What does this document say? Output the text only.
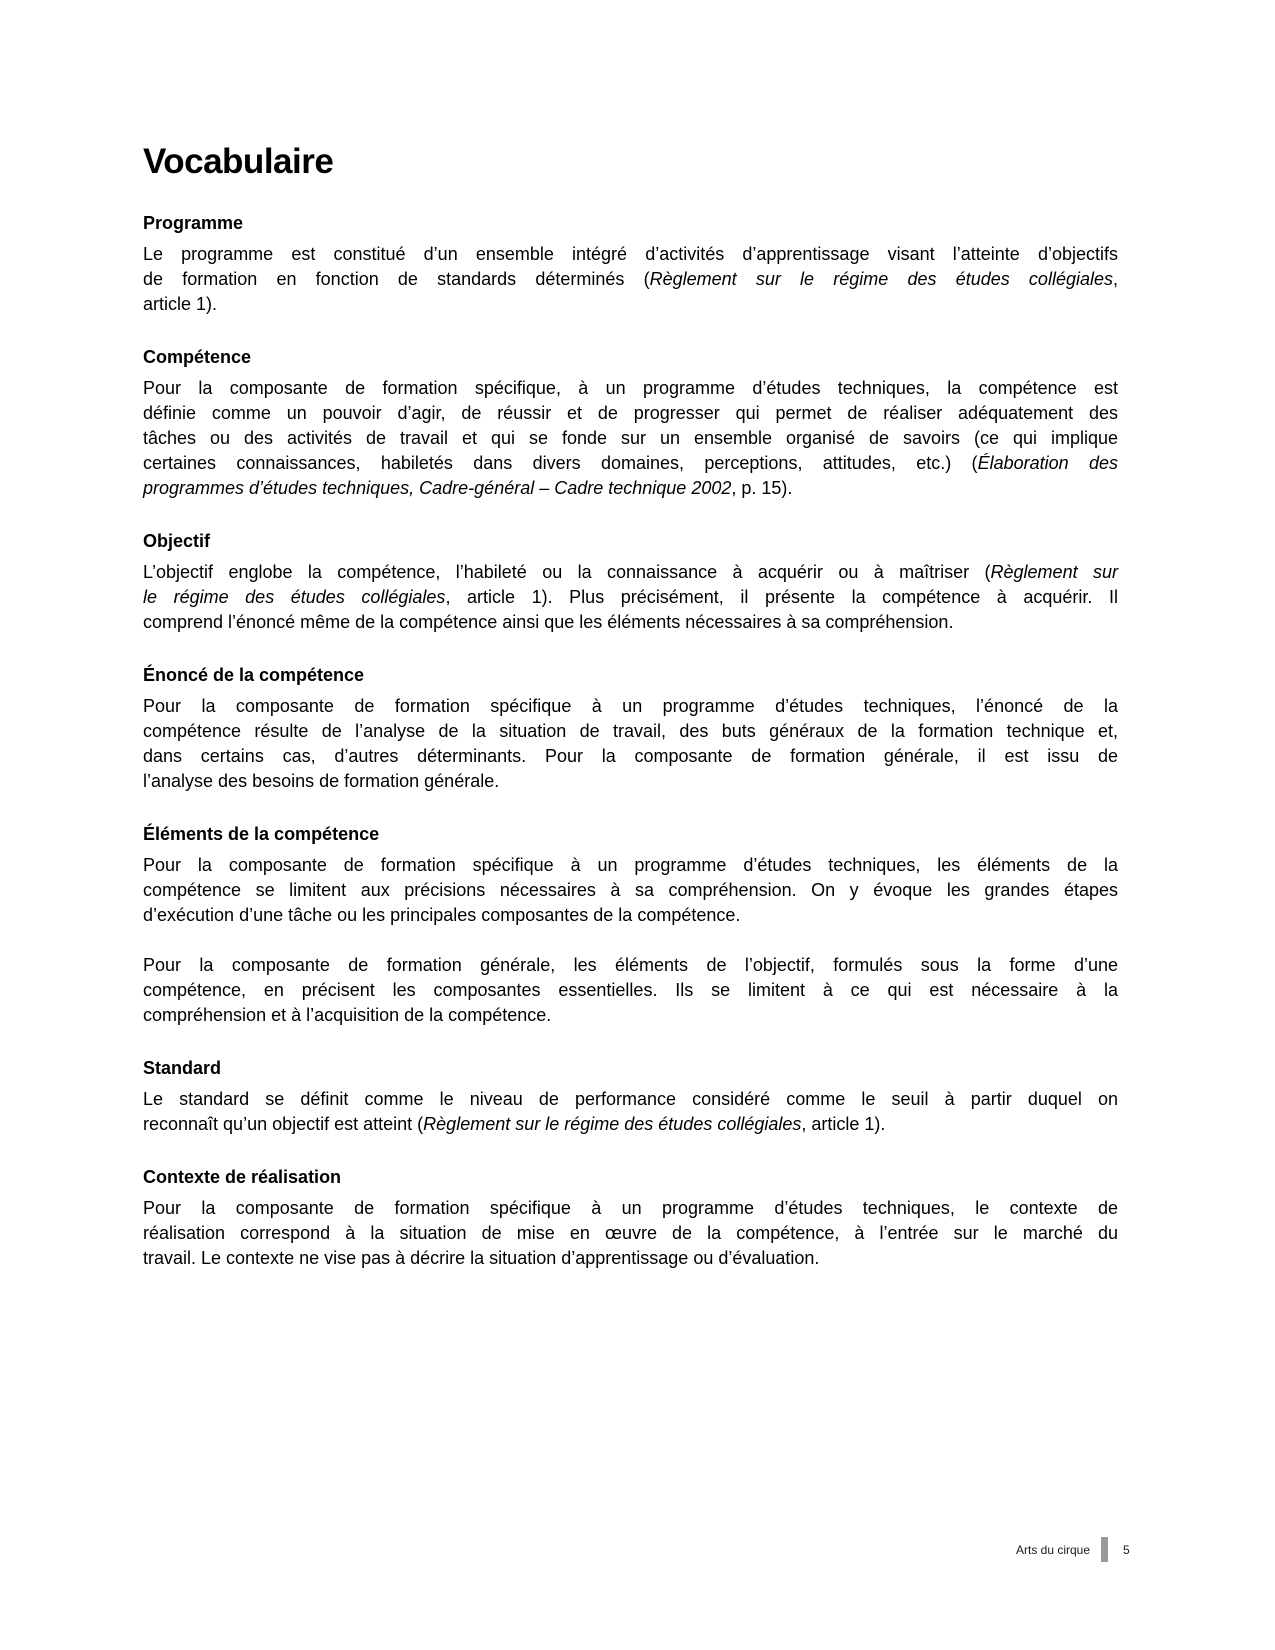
Vocabulaire
Programme
Le programme est constitué d’un ensemble intégré d’activités d’apprentissage visant l’atteinte d’objectifs
de formation en fonction de standards déterminés (Règlement sur le régime des études collégiales,
article 1).
Compétence
Pour la composante de formation spécifique, à un programme d’études techniques, la compétence est
définie comme un pouvoir d’agir, de réussir et de progresser qui permet de réaliser adéquatement des
tâches ou des activités de travail et qui se fonde sur un ensemble organisé de savoirs (ce qui implique
certaines connaissances, habiletés dans divers domaines, perceptions, attitudes, etc.) (Élaboration des
programmes d’études techniques, Cadre-général – Cadre technique 2002, p. 15).
Objectif
L’objectif englobe la compétence, l’habileté ou la connaissance à acquérir ou à maîtriser (Règlement sur
le régime des études collégiales, article 1). Plus précisément, il présente la compétence à acquérir. Il
comprend l’énoncé même de la compétence ainsi que les éléments nécessaires à sa compréhension.
Énoncé de la compétence
Pour la composante de formation spécifique à un programme d’études techniques, l’énoncé de la
compétence résulte de l’analyse de la situation de travail, des buts généraux de la formation technique et,
dans certains cas, d’autres déterminants. Pour la composante de formation générale, il est issu de
l’analyse des besoins de formation générale.
Éléments de la compétence
Pour la composante de formation spécifique à un programme d’études techniques, les éléments de la
compétence se limitent aux précisions nécessaires à sa compréhension. On y évoque les grandes étapes
d’exécution d’une tâche ou les principales composantes de la compétence.
Pour la composante de formation générale, les éléments de l’objectif, formulés sous la forme d’une
compétence, en précisent les composantes essentielles. Ils se limitent à ce qui est nécessaire à la
compréhension et à l’acquisition de la compétence.
Standard
Le standard se définit comme le niveau de performance considéré comme le seuil à partir duquel on
reconnaît qu’un objectif est atteint (Règlement sur le régime des études collégiales, article 1).
Contexte de réalisation
Pour la composante de formation spécifique à un programme d’études techniques, le contexte de
réalisation correspond à la situation de mise en œuvre de la compétence, à l’entrée sur le marché du
travail. Le contexte ne vise pas à décrire la situation d’apprentissage ou d’évaluation.
Arts du cirque	5
